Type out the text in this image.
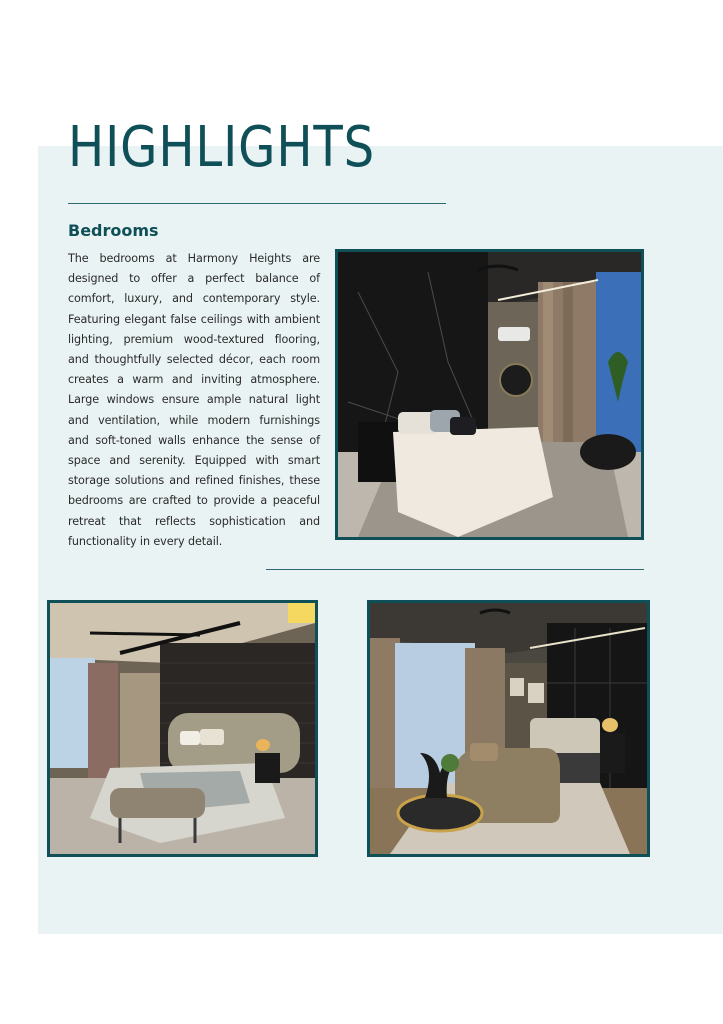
HIGHLIGHTS
Bedrooms

The bedrooms at Harmony Heights are designed to offer a perfect balance of comfort, luxury, and contemporary style. Featuring elegant false ceilings with ambient lighting, premium wood-textured flooring, and thoughtfully selected décor, each room creates a warm and inviting atmosphere. Large windows ensure ample natural light and ventilation, while modern furnishings and soft-toned walls enhance the sense of space and serenity. Equipped with smart storage solutions and refined finishes, these bedrooms are crafted to provide a peaceful retreat that reflects sophistication and functionality in every detail.
